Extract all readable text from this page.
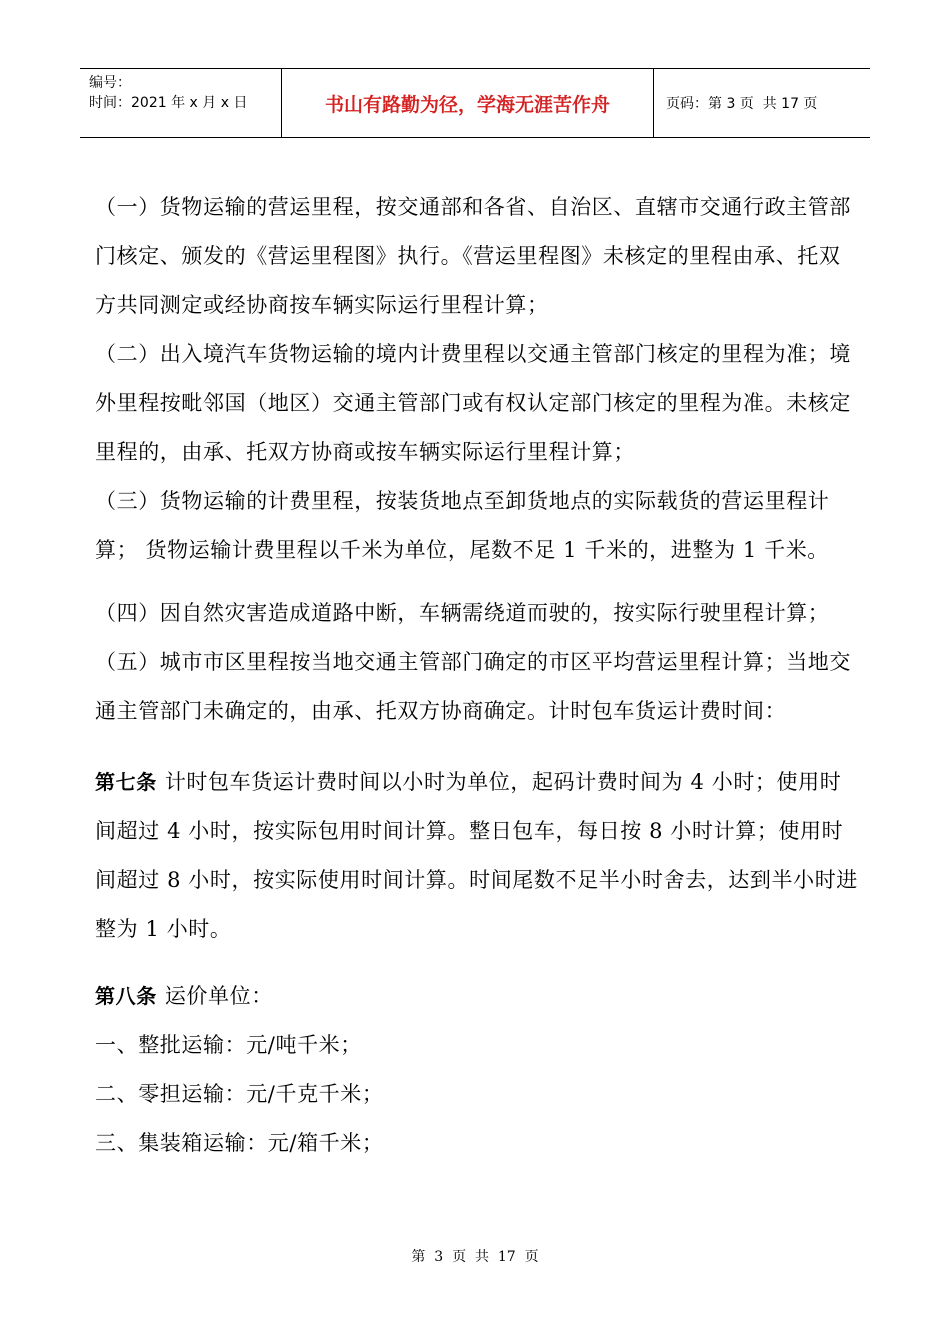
编号：
时间：2021 年 x 月 x 日	书山有路勤为径，学海无涯苦作舟	页码：第 3 页  共 17 页

（一）货物运输的营运里程，按交通部和各省、自治区、直辖市交通行政主管部门核定、颁发的《营运里程图》执行。《营运里程图》未核定的里程由承、托双方共同测定或经协商按车辆实际运行里程计算；

（二）出入境汽车货物运输的境内计费里程以交通主管部门核定的里程为准；境外里程按毗邻国（地区）交通主管部门或有权认定部门核定的里程为准。未核定里程的，由承、托双方协商或按车辆实际运行里程计算；

（三）货物运输的计费里程，按装货地点至卸货地点的实际载货的营运里程计算； 货物运输计费里程以千米为单位，尾数不足 1 千米的，进整为 1 千米。

（四）因自然灾害造成道路中断，车辆需绕道而驶的，按实际行驶里程计算；

（五）城市市区里程按当地交通主管部门确定的市区平均营运里程计算；当地交通主管部门未确定的，由承、托双方协商确定。计时包车货运计费时间：

第七条 计时包车货运计费时间以小时为单位，起码计费时间为 4 小时；使用时间超过 4 小时，按实际包用时间计算。整日包车，每日按 8 小时计算；使用时间超过 8 小时，按实际使用时间计算。时间尾数不足半小时舍去，达到半小时进整为 1 小时。

第八条 运价单位：

一、整批运输：元/吨千米；

二、零担运输：元/千克千米；

三、集装箱运输：元/箱千米；

第  3  页  共  17  页
